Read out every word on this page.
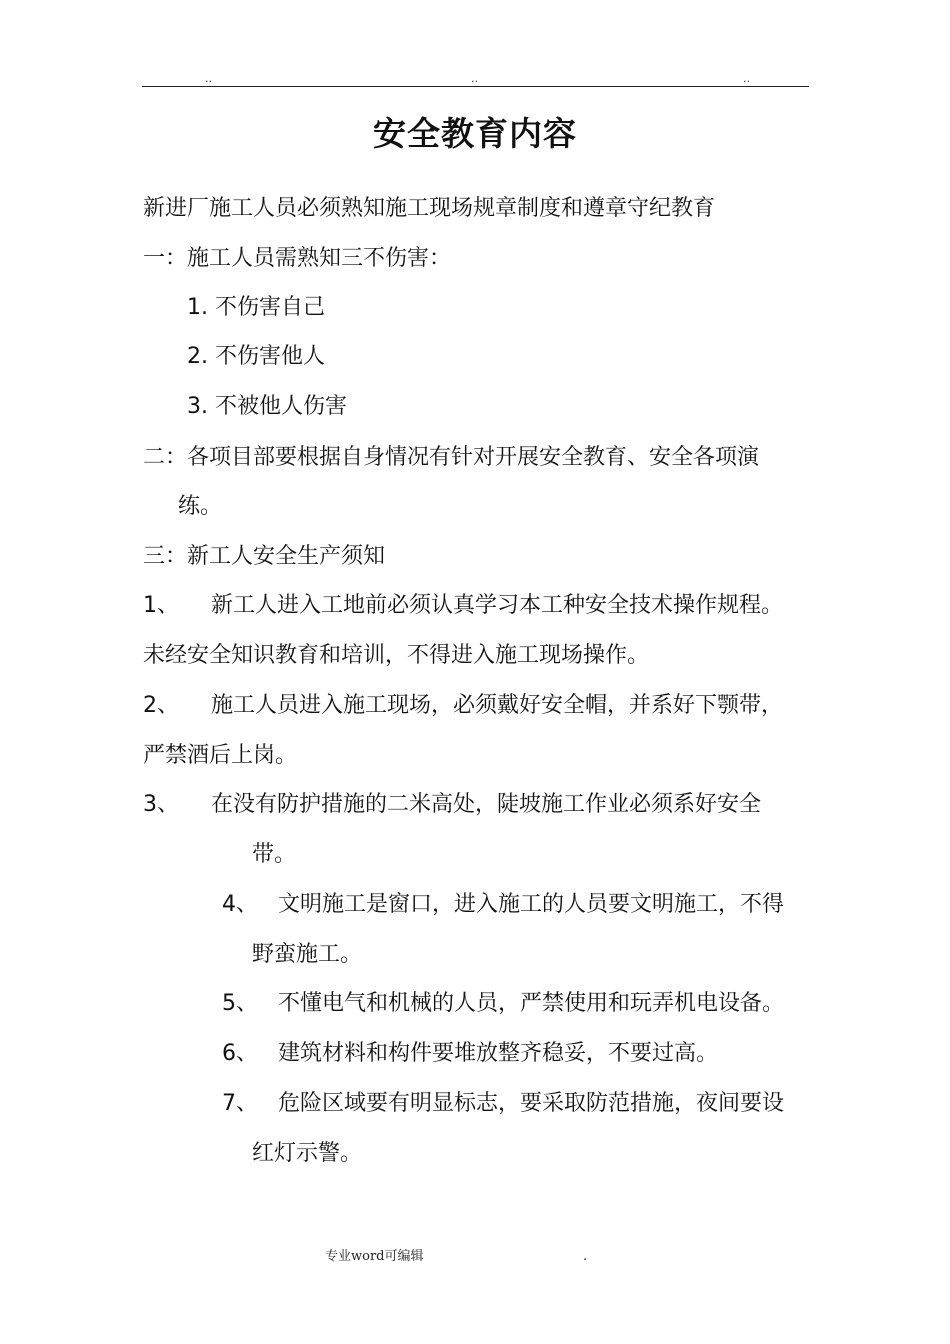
..	..	..
安全教育内容
新进厂施工人员必须熟知施工现场规章制度和遵章守纪教育
一：施工人员需熟知三不伤害：
1. 不伤害自己
2. 不伤害他人
3. 不被他人伤害
二：各项目部要根据自身情况有针对开展安全教育、安全各项演
练。
三：新工人安全生产须知
1、 新工人进入工地前必须认真学习本工种安全技术操作规程。
未经安全知识教育和培训，不得进入施工现场操作。
2、 施工人员进入施工现场，必须戴好安全帽，并系好下颚带，
严禁酒后上岗。
3、 在没有防护措施的二米高处，陡坡施工作业必须系好安全
带。
4、 文明施工是窗口，进入施工的人员要文明施工，不得
野蛮施工。
5、 不懂电气和机械的人员，严禁使用和玩弄机电设备。
6、 建筑材料和构件要堆放整齐稳妥，不要过高。
7、 危险区域要有明显标志，要采取防范措施，夜间要设
红灯示警。
专业word可编辑	.
